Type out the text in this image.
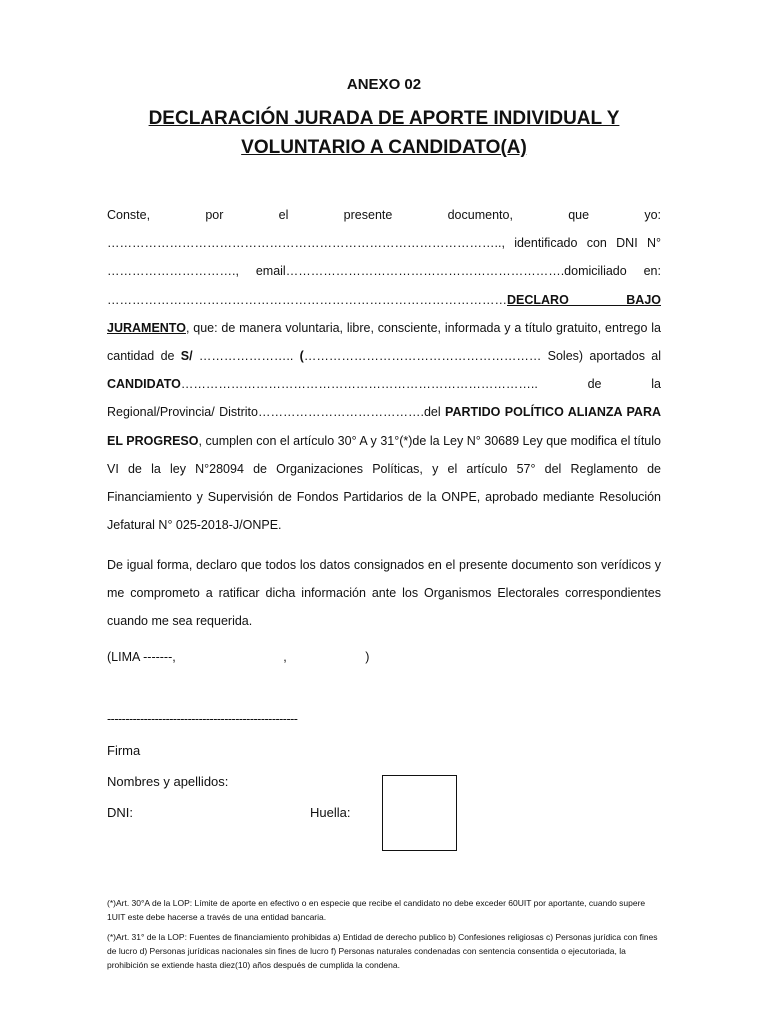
ANEXO 02
DECLARACIÓN JURADA DE APORTE INDIVIDUAL Y VOLUNTARIO A CANDIDATO(A)
Conste, por el presente documento, que yo: ………………………………………………………………………………….., identificado con DNI N° …………………………., email………………………………………………………….domiciliado en: ……………………………………………………………………………………DECLARO BAJO JURAMENTO, que: de manera voluntaria, libre, consciente, informada y a título gratuito, entrego la cantidad de S/ ………………….. (………………………………………………… Soles) aportados al CANDIDATO………………………………………………………………………….. de la Regional/Provincia/ Distrito………………………………….del PARTIDO POLÍTICO ALIANZA PARA EL PROGRESO, cumplen con el artículo 30° A y 31°(*)de la Ley N° 30689 Ley que modifica el título VI de la ley N°28094 de Organizaciones Políticas, y el artículo 57° del Reglamento de Financiamiento y Supervisión de Fondos Partidarios de la ONPE, aprobado mediante Resolución Jefatural N° 025-2018-J/ONPE.
De igual forma, declaro que todos los datos consignados en el presente documento son verídicos y me comprometo a ratificar dicha información ante los Organismos Electorales correspondientes cuando me sea requerida.
(LIMA -------,	,	)
----------------------------------------------------
Firma
Nombres y apellidos:
DNI:	Huella:

(*)Art. 30°A de la LOP: Límite de aporte en efectivo o en especie que recibe el candidato no debe exceder 60UIT por aportante, cuando supere 1UIT este debe hacerse a través de una entidad bancaria.

(*)Art. 31° de la LOP: Fuentes de financiamiento prohibidas a) Entidad de derecho publico b) Confesiones religiosas c) Personas jurídica con fines de lucro d) Personas jurídicas nacionales sin fines de lucro f) Personas naturales condenadas con sentencia consentida o ejecutoriada, la prohibición se extiende hasta diez(10) años después de cumplida la condena.
